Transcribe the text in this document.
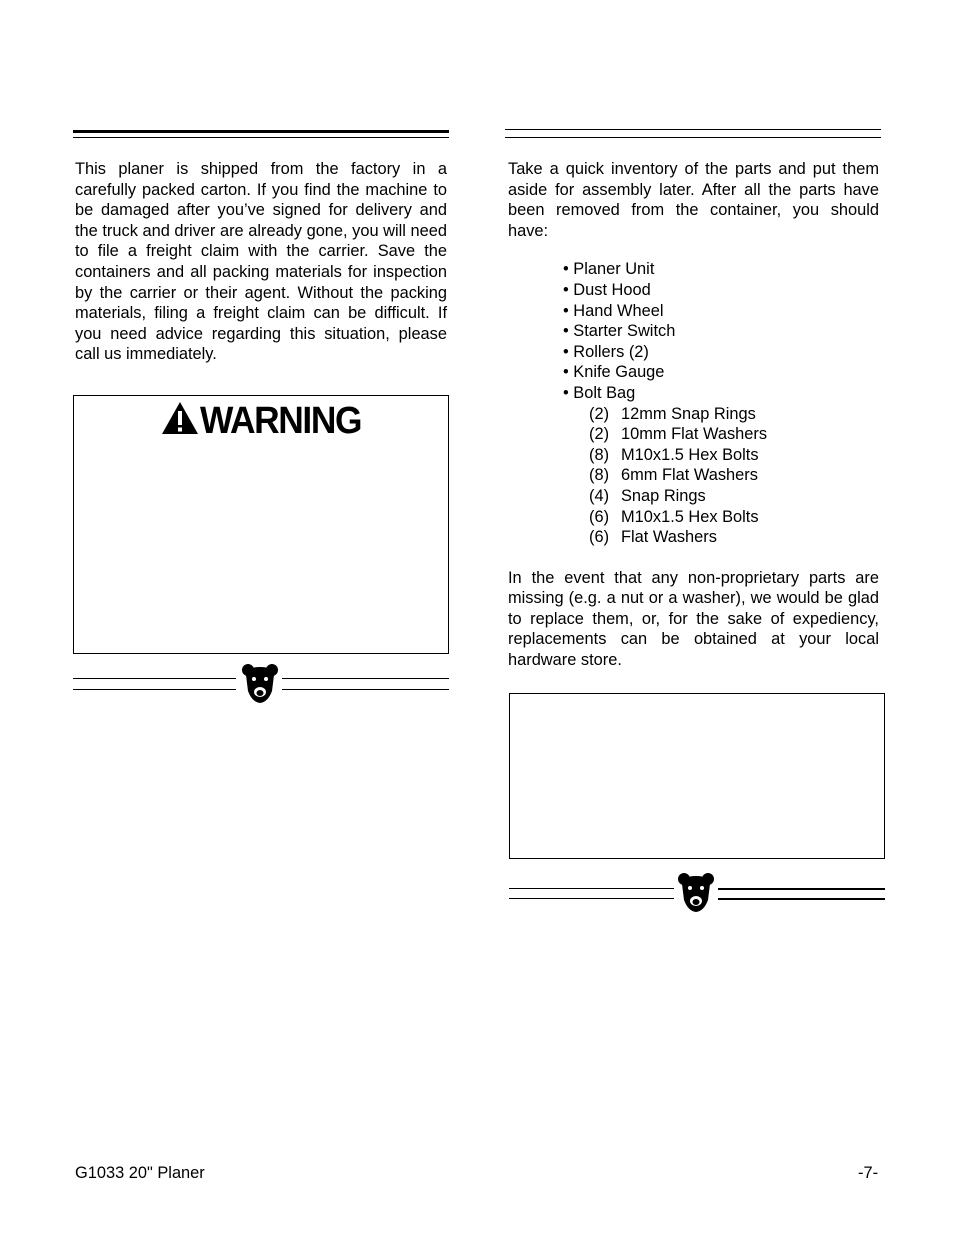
This planer is shipped from the factory in a carefully packed carton. If you find the machine to be damaged after you’ve signed for delivery and the truck and driver are already gone, you will need to file a freight claim with the carrier. Save the containers and all packing materials for inspection by the carrier or their agent. Without the packing materials, filing a freight claim can be difficult. If you need advice regarding this situation, please call us immediately.

WARNING

Take a quick inventory of the parts and put them aside for assembly later. After all the parts have been removed from the container, you should have:

• Planer Unit
• Dust Hood
• Hand Wheel
• Starter Switch
• Rollers (2)
• Knife Gauge
• Bolt Bag
(2) 12mm Snap Rings
(2) 10mm Flat Washers
(8) M10x1.5 Hex Bolts
(8) 6mm Flat Washers
(4) Snap Rings
(6) M10x1.5 Hex Bolts
(6) Flat Washers

In the event that any non-proprietary parts are missing (e.g. a nut or a washer), we would be glad to replace them, or, for the sake of expediency, replacements can be obtained at your local hardware store.

G1033 20" Planer	-7-
